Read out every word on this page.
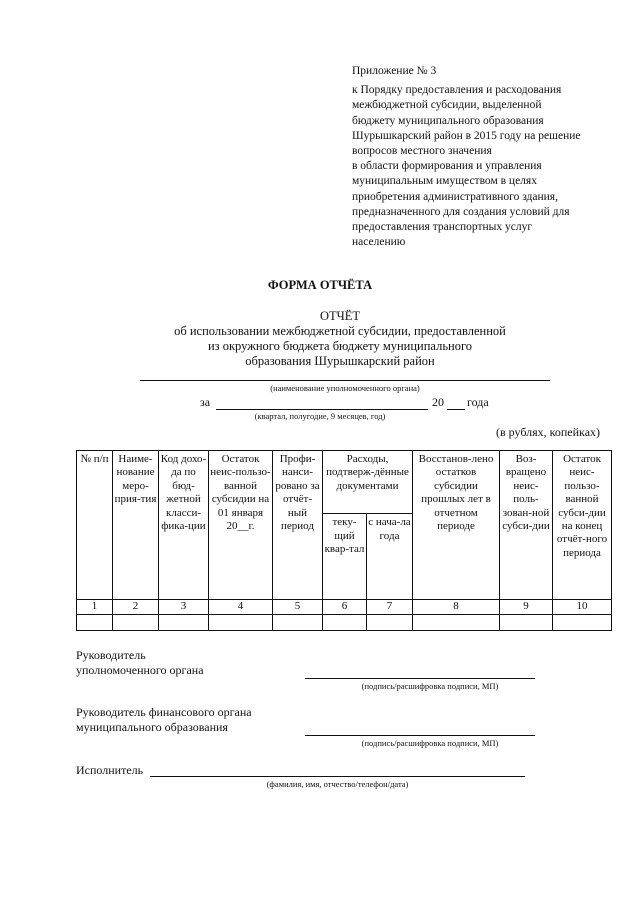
Приложение № 3
к Порядку предоставления и расходования
межбюджетной субсидии, выделенной
бюджету муниципального образования
Шурышкарский район в 2015 году на решение
вопросов местного значения
в области формирования и управления
муниципальным имуществом в целях
приобретения административного здания,
предназначенного для создания условий для
предоставления транспортных услуг
населению
ФОРМА ОТЧЁТА
ОТЧЁТ
об использовании межбюджетной субсидии, предоставленной
из окружного бюджета бюджету муниципального
образования Шурышкарский район
(наименование уполномоченного органа)
за	20 года
(квартал, полугодие, 9 месяцев, год)
(в рублях, копейках)
№ п/п	Наиме-нование меро-прия-тия	Код дохо-да по бюд-жетной класси-фика-ции	Остаток неис-пользо-ванной субсидии на 01 января 20__г.	Профи-нанси-ровано за отчёт-ный период	Расходы, подтверж-дённые документами		Восстанов-лено остатков субсидии прошлых лет в отчетном периоде	Воз-вращено неис-поль-зован-ной субси-дии	Остаток неис-пользо-ванной субси-дии на конец отчёт-ного периода
					теку-щий квар-тал	с нача-ла года			
1	2	3	4	5	6	7	8	9	10

Руководитель
уполномоченного органа
(подпись/расшифровка подписи, МП)
Руководитель финансового органа
муниципального образования
(подпись/расшифровка подписи, МП)
Исполнитель
(фамилия, имя, отчество/телефон/дата)
